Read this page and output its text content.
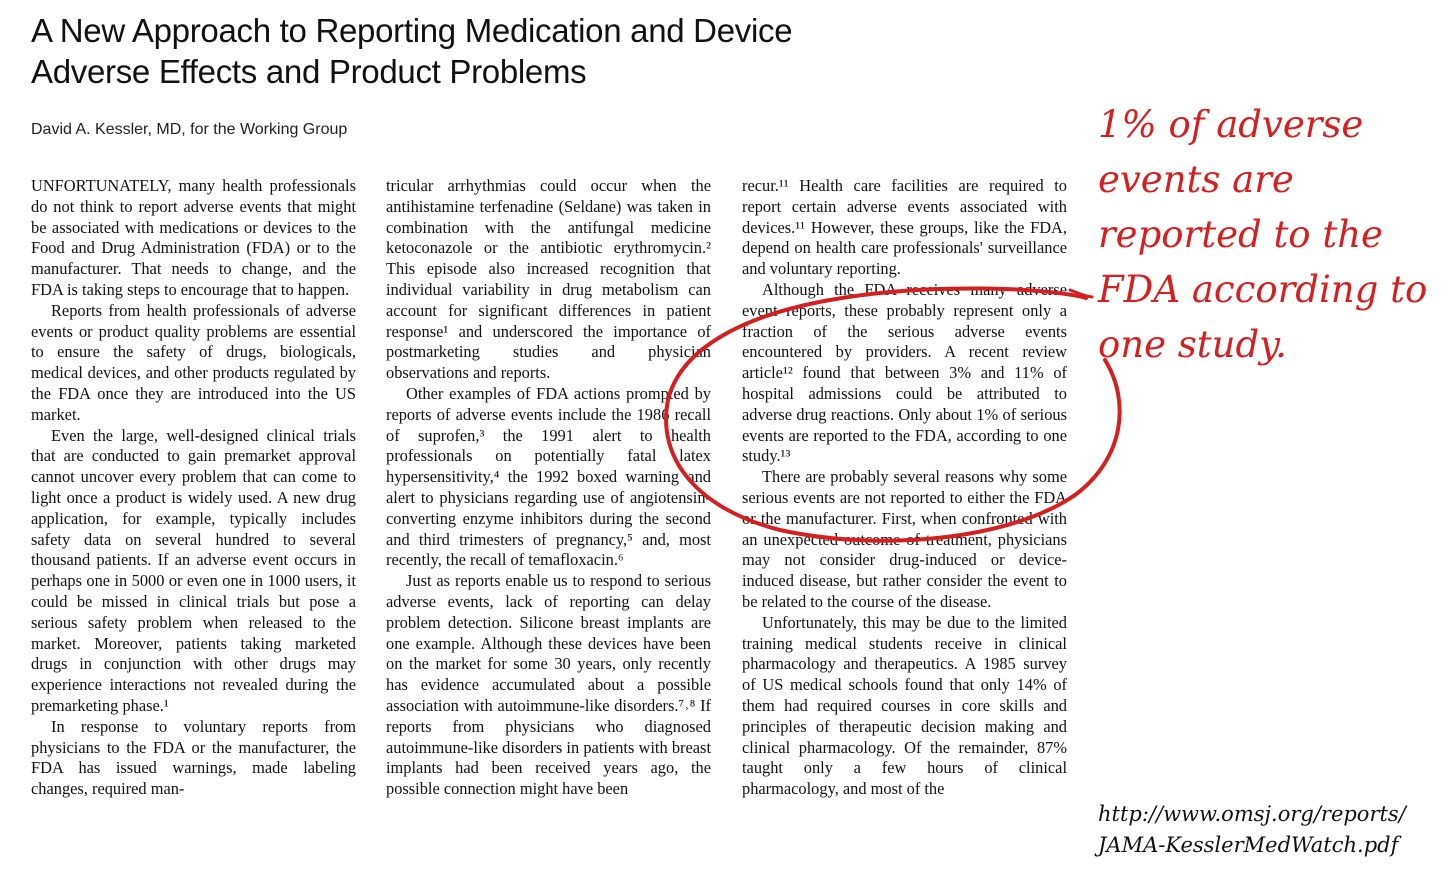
A New Approach to Reporting Medication and Device
Adverse Effects and Product Problems
David A. Kessler, MD, for the Working Group

UNFORTUNATELY, many health professionals do not think to report adverse events that might be associated with medications or devices to the Food and Drug Administration (FDA) or to the manufacturer. That needs to change, and the FDA is taking steps to encourage that to happen.

Reports from health professionals of adverse events or product quality problems are essential to ensure the safety of drugs, biologicals, medical devices, and other products regulated by the FDA once they are introduced into the US market.

Even the large, well-designed clinical trials that are conducted to gain premarket approval cannot uncover every problem that can come to light once a product is widely used. A new drug application, for example, typically includes safety data on several hundred to several thousand patients. If an adverse event occurs in perhaps one in 5000 or even one in 1000 users, it could be missed in clinical trials but pose a serious safety problem when released to the market. Moreover, patients taking marketed drugs in conjunction with other drugs may experience interactions not revealed during the premarketing phase.¹

In response to voluntary reports from physicians to the FDA or the manufacturer, the FDA has issued warnings, made labeling changes, required man-

tricular arrhythmias could occur when the antihistamine terfenadine (Seldane) was taken in combination with the antifungal medicine ketoconazole or the antibiotic erythromycin.² This episode also increased recognition that individual variability in drug metabolism can account for significant differences in patient response¹ and underscored the importance of postmarketing studies and physician observations and reports.

Other examples of FDA actions prompted by reports of adverse events include the 1986 recall of suprofen,³ the 1991 alert to health professionals on potentially fatal latex hypersensitivity,⁴ the 1992 boxed warning and alert to physicians regarding use of angiotensin-converting enzyme inhibitors during the second and third trimesters of pregnancy,⁵ and, most recently, the recall of temafloxacin.⁶

Just as reports enable us to respond to serious adverse events, lack of reporting can delay problem detection. Silicone breast implants are one example. Although these devices have been on the market for some 30 years, only recently has evidence accumulated about a possible association with autoimmune-like disorders.⁷˒⁸ If reports from physicians who diagnosed autoimmune-like disorders in patients with breast implants had been received years ago, the possible connection might have been

recur.¹¹ Health care facilities are required to report certain adverse events associated with devices.¹¹ However, these groups, like the FDA, depend on health care professionals' surveillance and voluntary reporting.

Although the FDA receives many adverse event reports, these probably represent only a fraction of the serious adverse events encountered by providers. A recent review article¹² found that between 3% and 11% of hospital admissions could be attributed to adverse drug reactions. Only about 1% of serious events are reported to the FDA, according to one study.¹³

There are probably several reasons why some serious events are not reported to either the FDA or the manufacturer. First, when confronted with an unexpected outcome of treatment, physicians may not consider drug-induced or device-induced disease, but rather consider the event to be related to the course of the disease.

Unfortunately, this may be due to the limited training medical students receive in clinical pharmacology and therapeutics. A 1985 survey of US medical schools found that only 14% of them had required courses in core skills and principles of therapeutic decision making and clinical pharmacology. Of the remainder, 87% taught only a few hours of clinical pharmacology, and most of the

1% of adverse
events are
reported to the
FDA according to
one study.
http://www.omsj.org/reports/
JAMA-KesslerMedWatch.pdf
